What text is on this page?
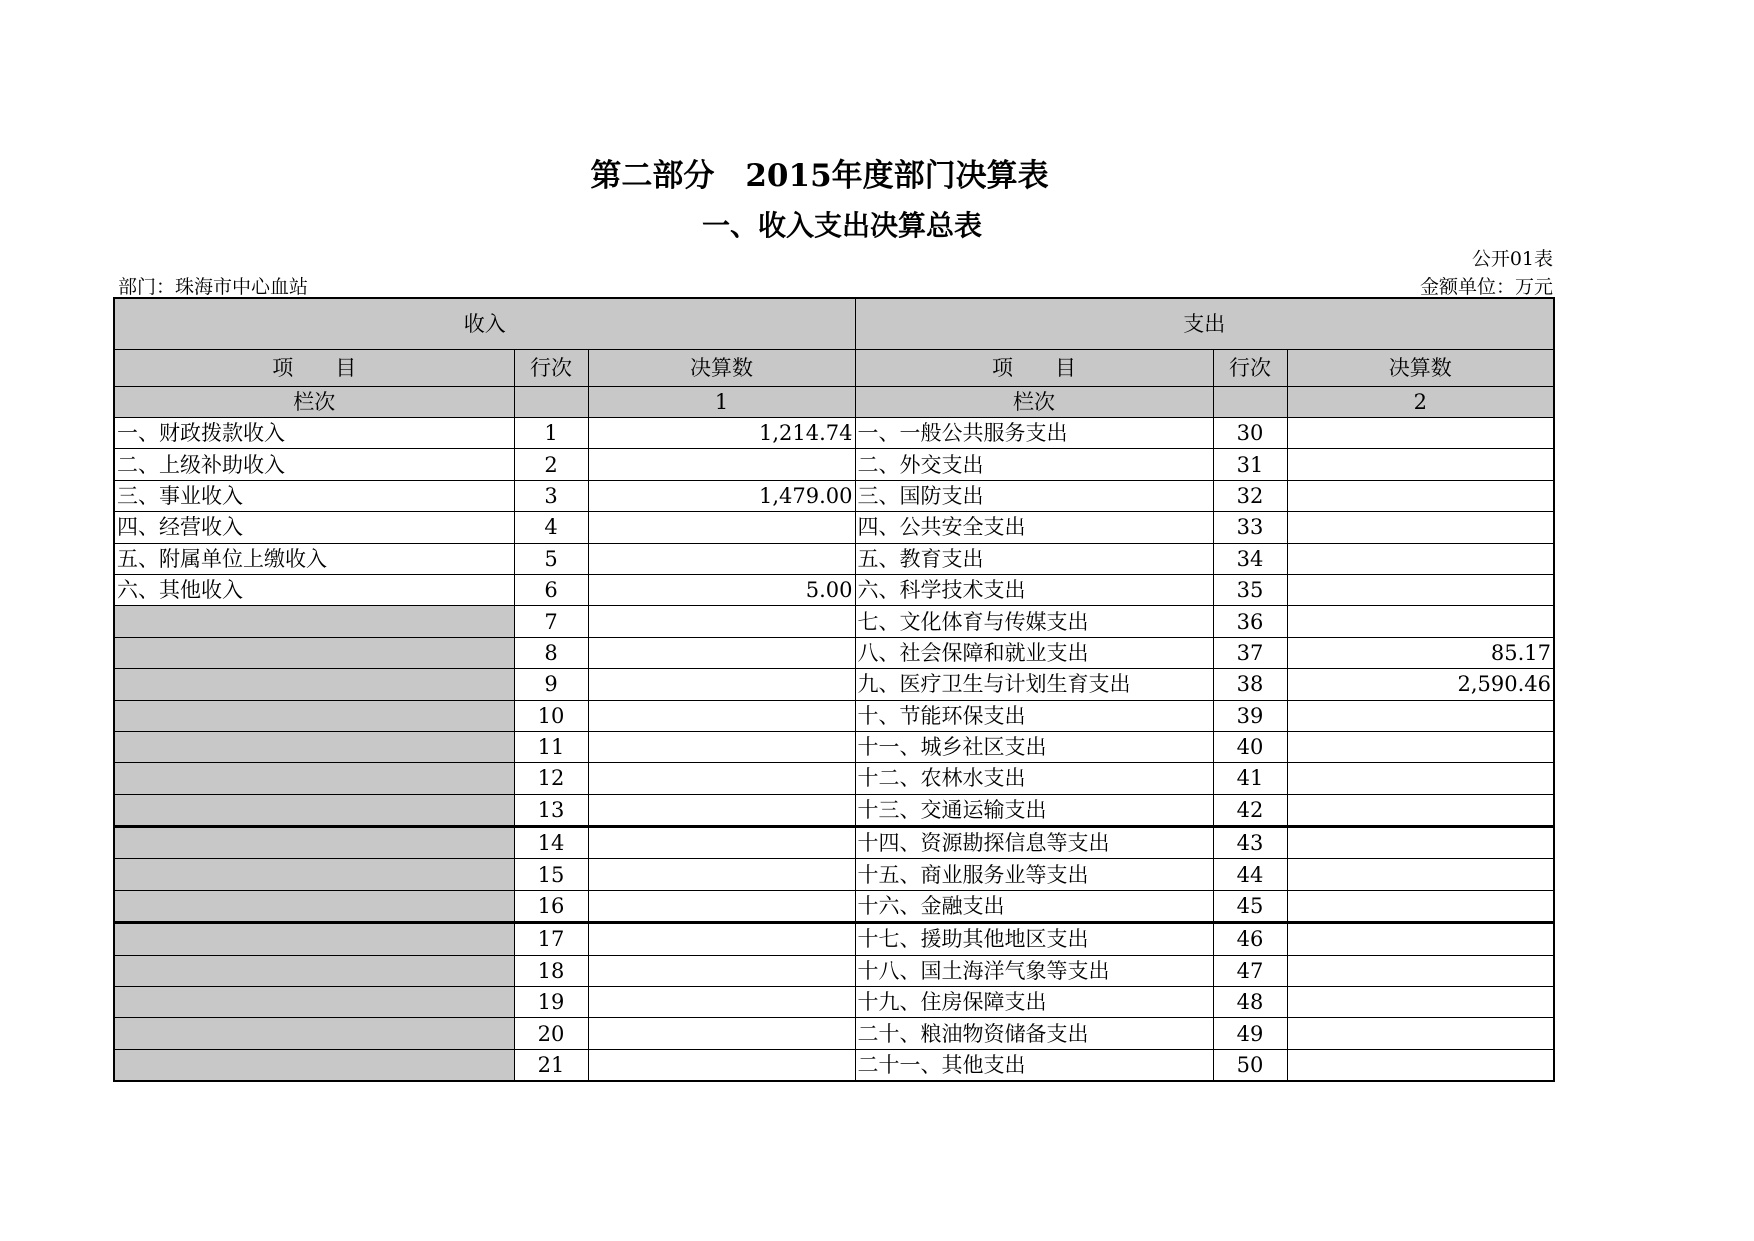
第二部分　2015年度部门决算表
一、收入支出决算总表
公开01表
部门：珠海市中心血站	金额单位：万元
收入			支出		
项　　目	行次	决算数	项　　目	行次	决算数
栏次		1	栏次		2
一、财政拨款收入	1	1,214.74	一、一般公共服务支出	30	
二、上级补助收入	2		二、外交支出	31	
三、事业收入	3	1,479.00	三、国防支出	32	
四、经营收入	4		四、公共安全支出	33	
五、附属单位上缴收入	5		五、教育支出	34	
六、其他收入	6	5.00	六、科学技术支出	35	
	7		七、文化体育与传媒支出	36	
	8		八、社会保障和就业支出	37	85.17
	9		九、医疗卫生与计划生育支出	38	2,590.46
	10		十、节能环保支出	39	
	11		十一、城乡社区支出	40	
	12		十二、农林水支出	41	
	13		十三、交通运输支出	42	
	14		十四、资源勘探信息等支出	43	
	15		十五、商业服务业等支出	44	
	16		十六、金融支出	45	
	17		十七、援助其他地区支出	46	
	18		十八、国土海洋气象等支出	47	
	19		十九、住房保障支出	48	
	20		二十、粮油物资储备支出	49	
	21		二十一、其他支出	50	
